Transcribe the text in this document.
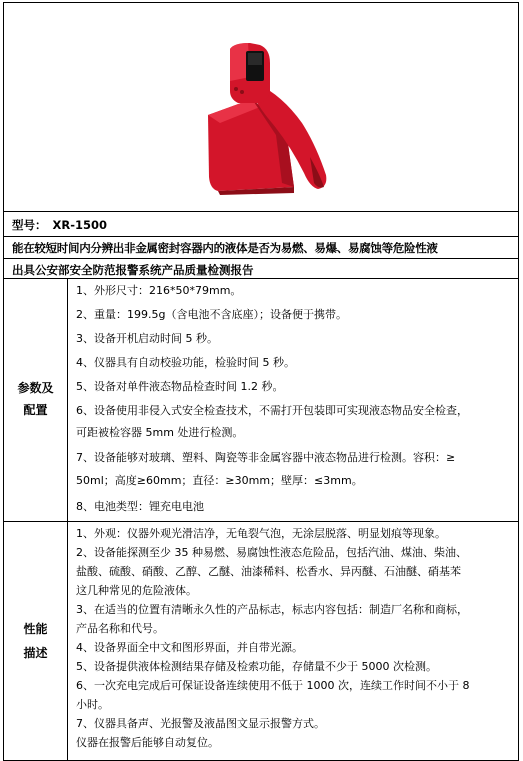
型号： XR-1500
能在较短时间内分辨出非金属密封容器内的液体是否为易燃、易爆、易腐蚀等危险性液
出具公安部安全防范报警系统产品质量检测报告
参数及
配置
1、外形尺寸：216*50*79mm。
2、重量：199.5g（含电池不含底座）；设备便于携带。
3、设备开机启动时间 5 秒。
4、仪器具有自动校验功能，检验时间 5 秒。
5、设备对单件液态物品检查时间 1.2 秒。
6、设备使用非侵入式安全检查技术，不需打开包装即可实现液态物品安全检查，
可距被检容器 5mm 处进行检测。
7、设备能够对玻璃、塑料、陶瓷等非金属容器中液态物品进行检测。容积：≥
50ml；高度≥60mm；直径：≥30mm；壁厚：≤3mm。
8、电池类型：锂充电电池
性能
描述
1、外观：仪器外观光滑洁净，无龟裂气泡，无涂层脱落、明显划痕等现象。
2、设备能探测至少 35 种易燃、易腐蚀性液态危险品，包括汽油、煤油、柴油、
盐酸、硫酸、硝酸、乙醇、乙醚、油漆稀料、松香水、异丙醚、石油醚、硝基苯
这几种常见的危险液体。
3、在适当的位置有清晰永久性的产品标志，标志内容包括：制造厂名称和商标，
产品名称和代号。
4、设备界面全中文和图形界面，并自带光源。
5、设备提供液体检测结果存储及检索功能，存储量不少于 5000 次检测。
6、一次充电完成后可保证设备连续使用不低于 1000 次，连续工作时间不小于 8
小时。
7、仪器具备声、光报警及液晶图文显示报警方式。
仪器在报警后能够自动复位。
